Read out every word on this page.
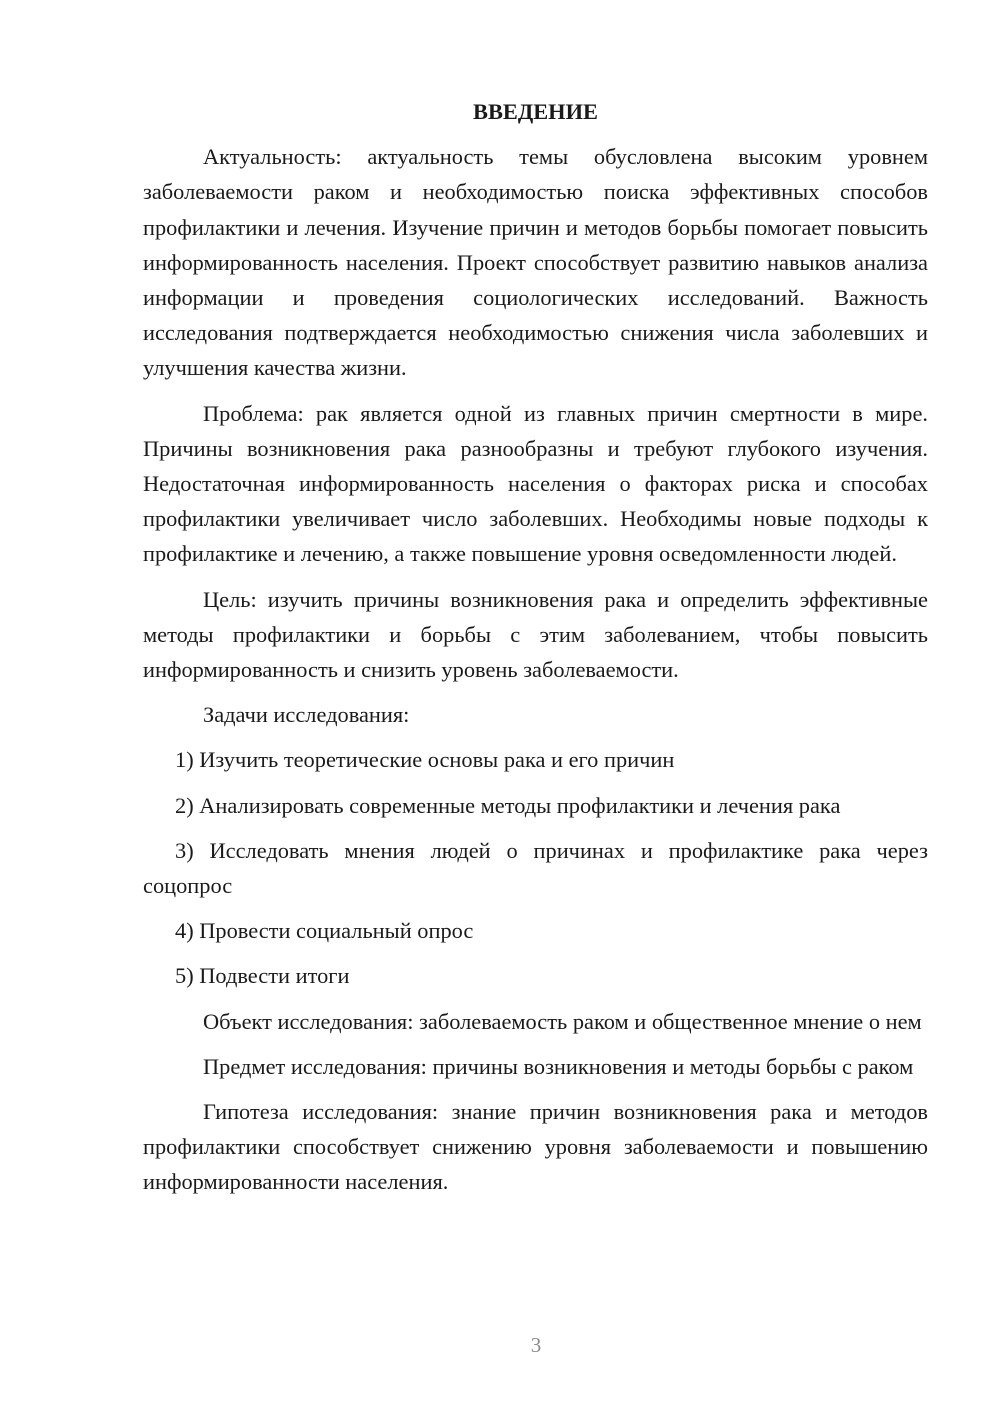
ВВЕДЕНИЕ

Актуальность: актуальность темы обусловлена высоким уровнем заболеваемости раком и необходимостью поиска эффективных способов профилактики и лечения. Изучение причин и методов борьбы помогает повысить информированность населения. Проект способствует развитию навыков анализа информации и проведения социологических исследований. Важность исследования подтверждается необходимостью снижения числа заболевших и улучшения качества жизни.

Проблема: рак является одной из главных причин смертности в мире. Причины возникновения рака разнообразны и требуют глубокого изучения. Недостаточная информированность населения о факторах риска и способах профилактики увеличивает число заболевших. Необходимы новые подходы к профилактике и лечению, а также повышение уровня осведомленности людей.

Цель: изучить причины возникновения рака и определить эффективные методы профилактики и борьбы с этим заболеванием, чтобы повысить информированность и снизить уровень заболеваемости.

Задачи исследования:

1) Изучить теоретические основы рака и его причин

2) Анализировать современные методы профилактики и лечения рака

3) Исследовать мнения людей о причинах и профилактике рака через соцопрос

4) Провести социальный опрос

5) Подвести итоги

Объект исследования: заболеваемость раком и общественное мнение о нем

Предмет исследования: причины возникновения и методы борьбы с раком

Гипотеза исследования: знание причин возникновения рака и методов профилактики способствует снижению уровня заболеваемости и повышению информированности населения.

3
